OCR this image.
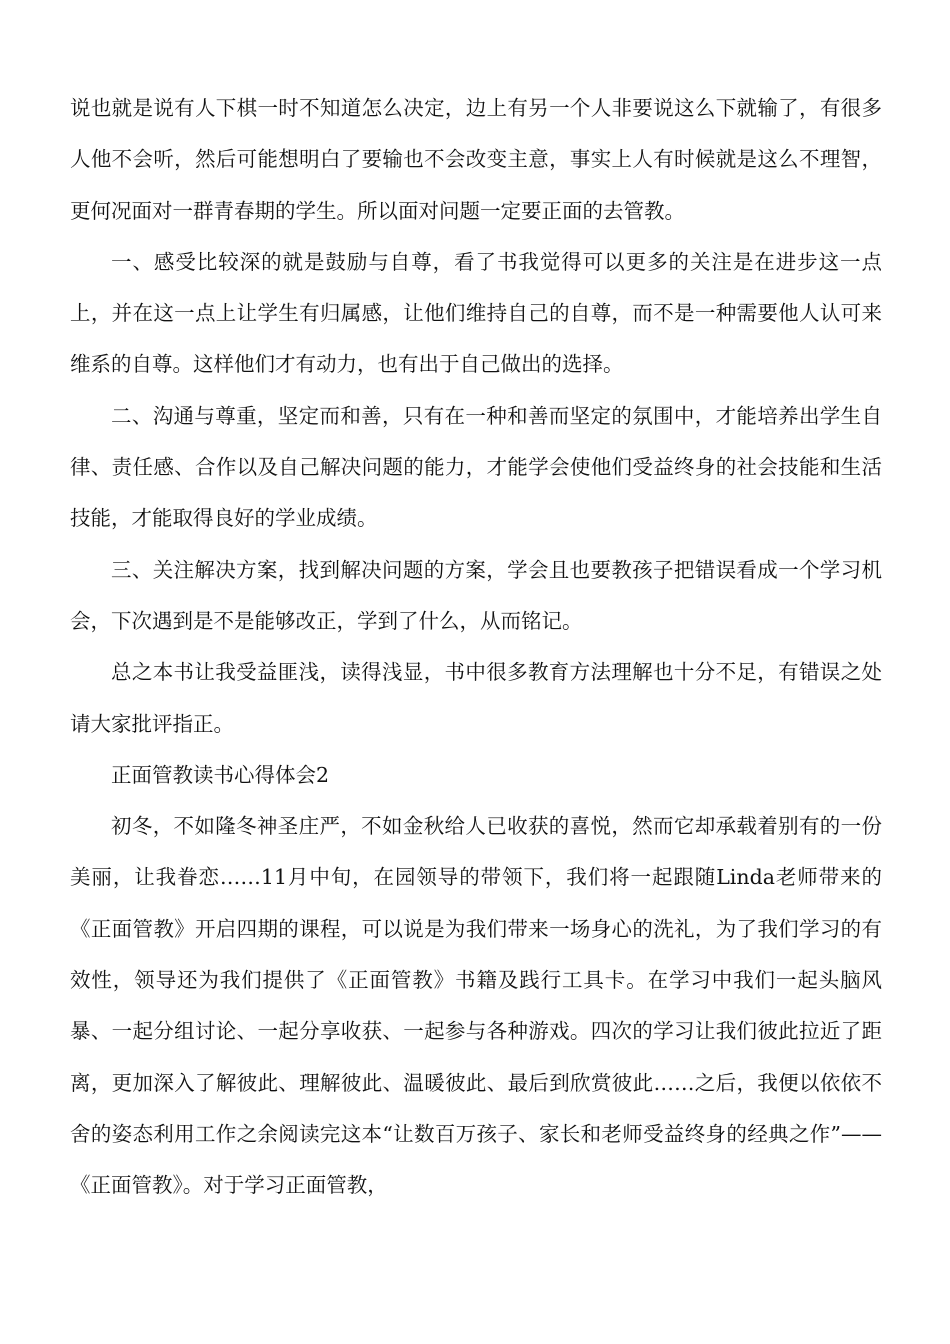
说也就是说有人下棋一时不知道怎么决定，边上有另一个人非要说这么下就输了，有很多人他不会听，然后可能想明白了要输也不会改变主意，事实上人有时候就是这么不理智，更何况面对一群青春期的学生。所以面对问题一定要正面的去管教。

一、感受比较深的就是鼓励与自尊，看了书我觉得可以更多的关注是在进步这一点上，并在这一点上让学生有归属感，让他们维持自己的自尊，而不是一种需要他人认可来维系的自尊。这样他们才有动力，也有出于自己做出的选择。

二、沟通与尊重，坚定而和善，只有在一种和善而坚定的氛围中，才能培养出学生自律、责任感、合作以及自己解决问题的能力，才能学会使他们受益终身的社会技能和生活技能，才能取得良好的学业成绩。

三、关注解决方案，找到解决问题的方案，学会且也要教孩子把错误看成一个学习机会，下次遇到是不是能够改正，学到了什么，从而铭记。

总之本书让我受益匪浅，读得浅显，书中很多教育方法理解也十分不足，有错误之处请大家批评指正。

正面管教读书心得体会2

初冬，不如隆冬神圣庄严，不如金秋给人已收获的喜悦，然而它却承载着别有的一份美丽，让我眷恋……11月中旬，在园领导的带领下，我们将一起跟随Linda老师带来的《正面管教》开启四期的课程，可以说是为我们带来一场身心的洗礼，为了我们学习的有效性，领导还为我们提供了《正面管教》书籍及践行工具卡。在学习中我们一起头脑风暴、一起分组讨论、一起分享收获、一起参与各种游戏。四次的学习让我们彼此拉近了距离，更加深入了解彼此、理解彼此、温暖彼此、最后到欣赏彼此……之后，我便以依依不舍的姿态利用工作之余阅读完这本“让数百万孩子、家长和老师受益终身的经典之作”——《正面管教》。对于学习正面管教，
